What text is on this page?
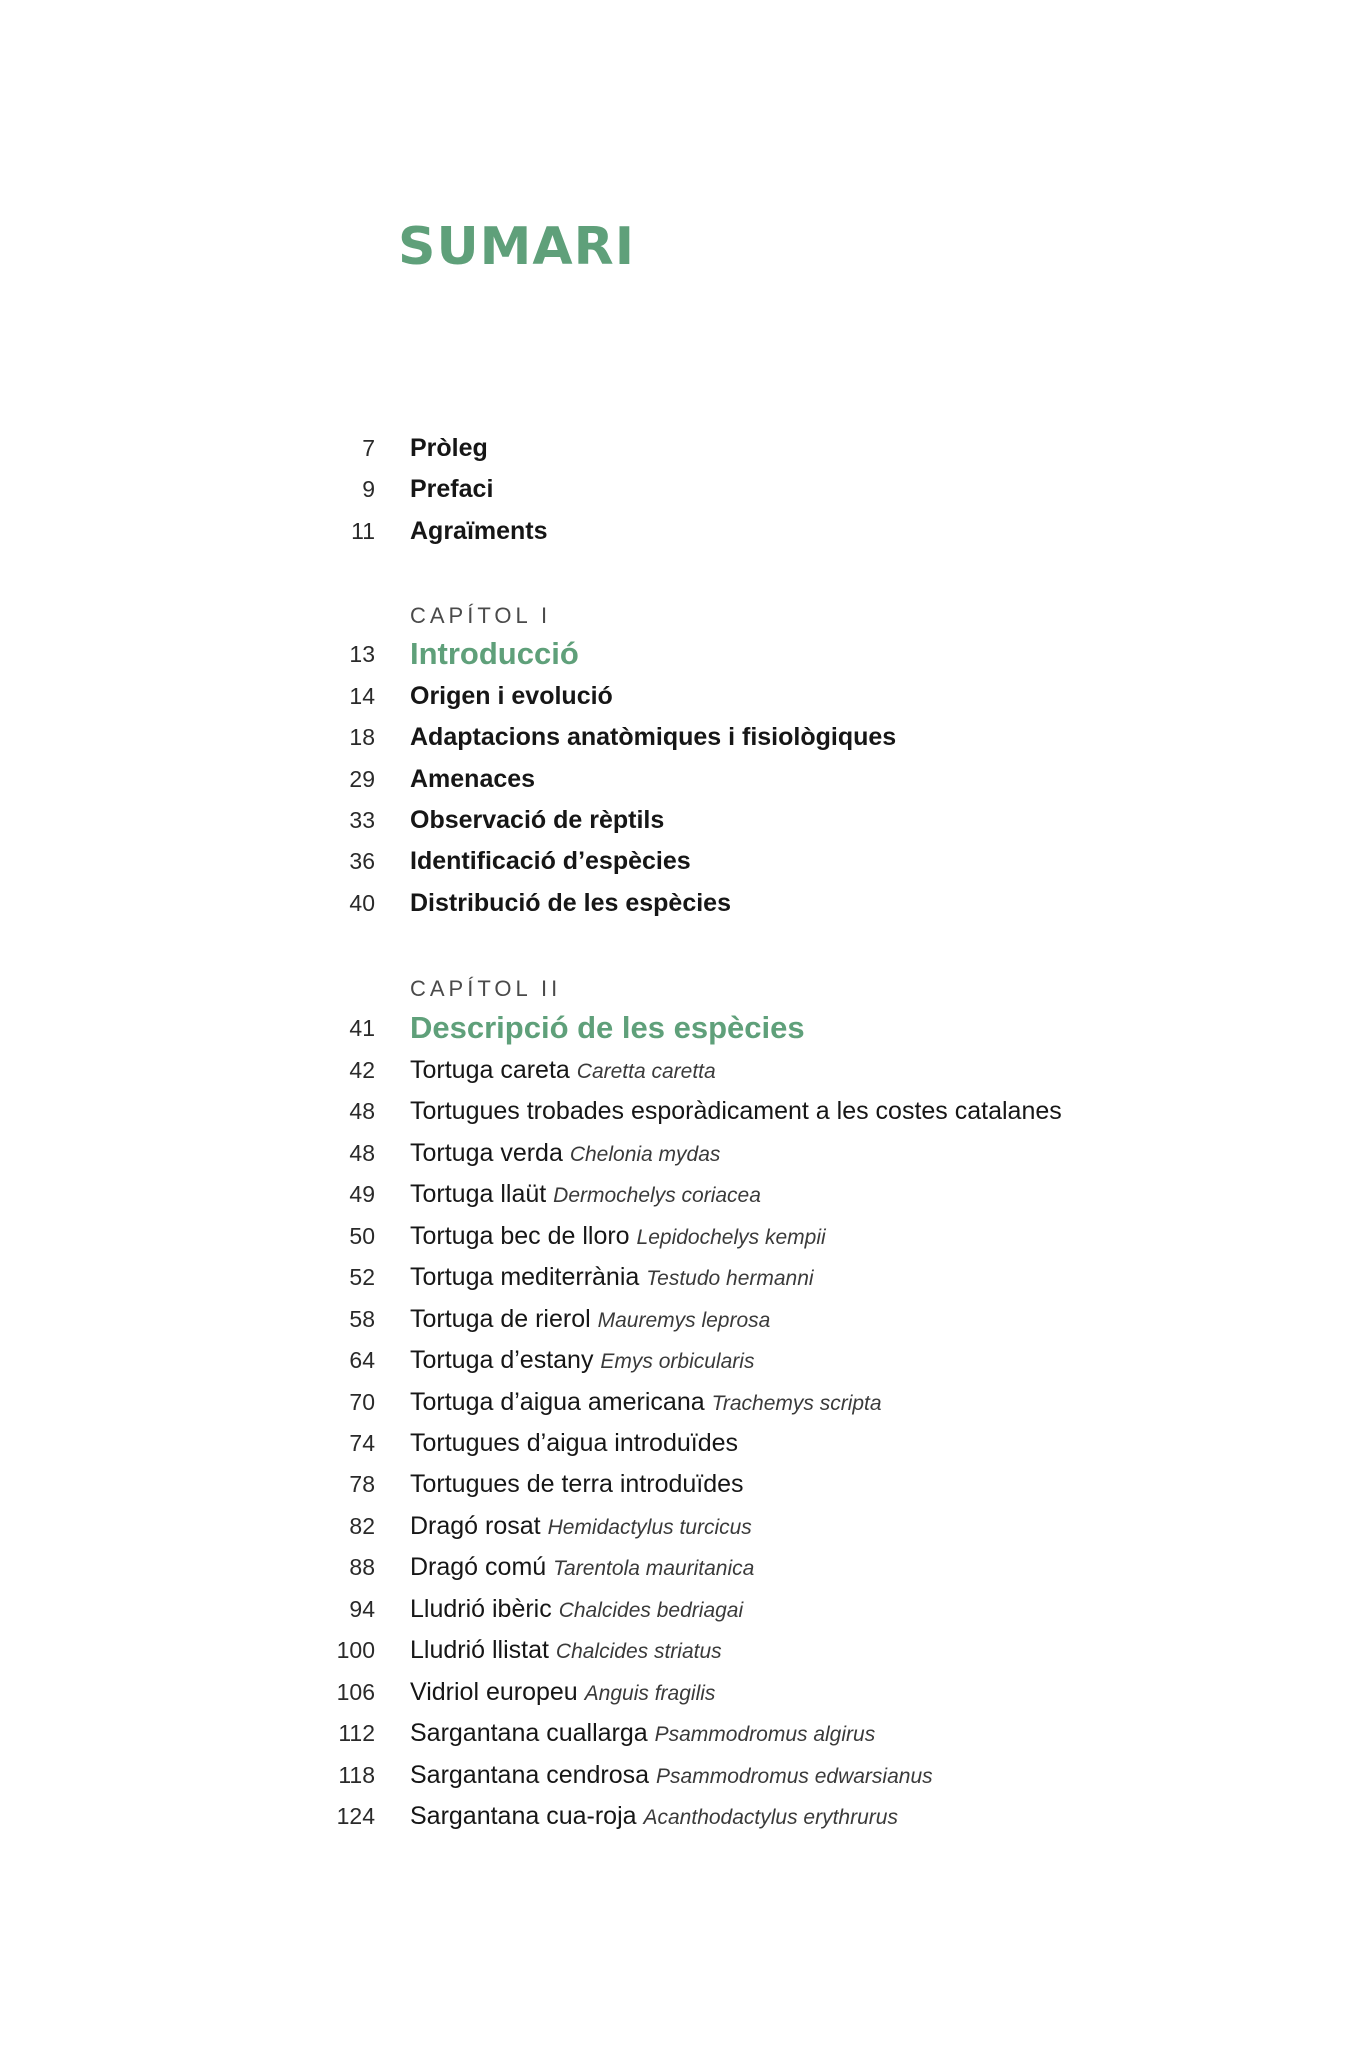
SUMARI
7 Pròleg
9 Prefaci
11 Agraïments
CAPÍTOL I
13 Introducció
14 Origen i evolució
18 Adaptacions anatòmiques i fisiològiques
29 Amenaces
33 Observació de rèptils
36 Identificació d’espècies
40 Distribució de les espècies
CAPÍTOL II
41 Descripció de les espècies
42 Tortuga careta Caretta caretta
48 Tortugues trobades esporàdicament a les costes catalanes
48 Tortuga verda Chelonia mydas
49 Tortuga llaüt Dermochelys coriacea
50 Tortuga bec de lloro Lepidochelys kempii
52 Tortuga mediterrània Testudo hermanni
58 Tortuga de rierol Mauremys leprosa
64 Tortuga d’estany Emys orbicularis
70 Tortuga d’aigua americana Trachemys scripta
74 Tortugues d’aigua introduïdes
78 Tortugues de terra introduïdes
82 Dragó rosat Hemidactylus turcicus
88 Dragó comú Tarentola mauritanica
94 Lludrió ibèric Chalcides bedriagai
100 Lludrió llistat Chalcides striatus
106 Vidriol europeu Anguis fragilis
112 Sargantana cuallarga Psammodromus algirus
118 Sargantana cendrosa Psammodromus edwarsianus
124 Sargantana cua-roja Acanthodactylus erythrurus
